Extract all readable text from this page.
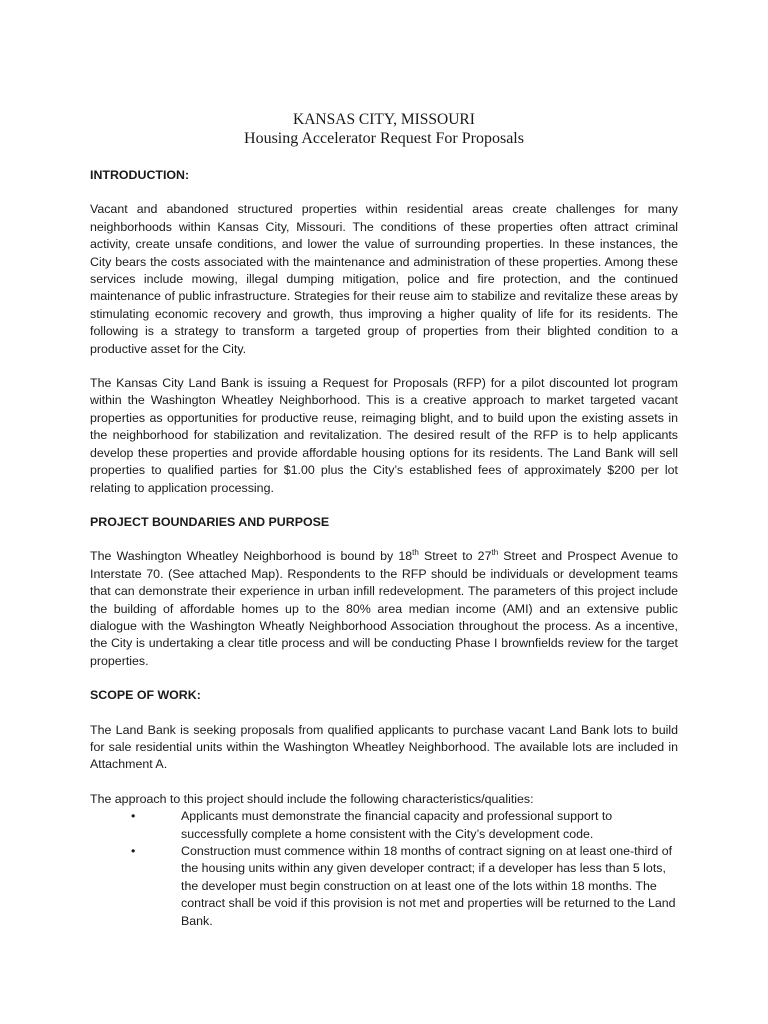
KANSAS CITY, MISSOURI
Housing Accelerator Request For Proposals

INTRODUCTION:

Vacant and abandoned structured properties within residential areas create challenges for many neighborhoods within Kansas City, Missouri. The conditions of these properties often attract criminal activity, create unsafe conditions, and lower the value of surrounding properties. In these instances, the City bears the costs associated with the maintenance and administration of these properties. Among these services include mowing, illegal dumping mitigation, police and fire protection, and the continued maintenance of public infrastructure. Strategies for their reuse aim to stabilize and revitalize these areas by stimulating economic recovery and growth, thus improving a higher quality of life for its residents. The following is a strategy to transform a targeted group of properties from their blighted condition to a productive asset for the City.

The Kansas City Land Bank is issuing a Request for Proposals (RFP) for a pilot discounted lot program within the Washington Wheatley Neighborhood. This is a creative approach to market targeted vacant properties as opportunities for productive reuse, reimaging blight, and to build upon the existing assets in the neighborhood for stabilization and revitalization. The desired result of the RFP is to help applicants develop these properties and provide affordable housing options for its residents. The Land Bank will sell properties to qualified parties for $1.00 plus the City’s established fees of approximately $200 per lot relating to application processing.

PROJECT BOUNDARIES AND PURPOSE

The Washington Wheatley Neighborhood is bound by 18th Street to 27th Street and Prospect Avenue to Interstate 70. (See attached Map). Respondents to the RFP should be individuals or development teams that can demonstrate their experience in urban infill redevelopment. The parameters of this project include the building of affordable homes up to the 80% area median income (AMI) and an extensive public dialogue with the Washington Wheatly Neighborhood Association throughout the process. As a incentive, the City is undertaking a clear title process and will be conducting Phase I brownfields review for the target properties.

SCOPE OF WORK:

The Land Bank is seeking proposals from qualified applicants to purchase vacant Land Bank lots to build for sale residential units within the Washington Wheatley Neighborhood. The available lots are included in Attachment A.

The approach to this project should include the following characteristics/qualities:

•	Applicants must demonstrate the financial capacity and professional support to successfully complete a home consistent with the City’s development code.
•	Construction must commence within 18 months of contract signing on at least one-third of the housing units within any given developer contract; if a developer has less than 5 lots, the developer must begin construction on at least one of the lots within 18 months. The contract shall be void if this provision is not met and properties will be returned to the Land Bank.
